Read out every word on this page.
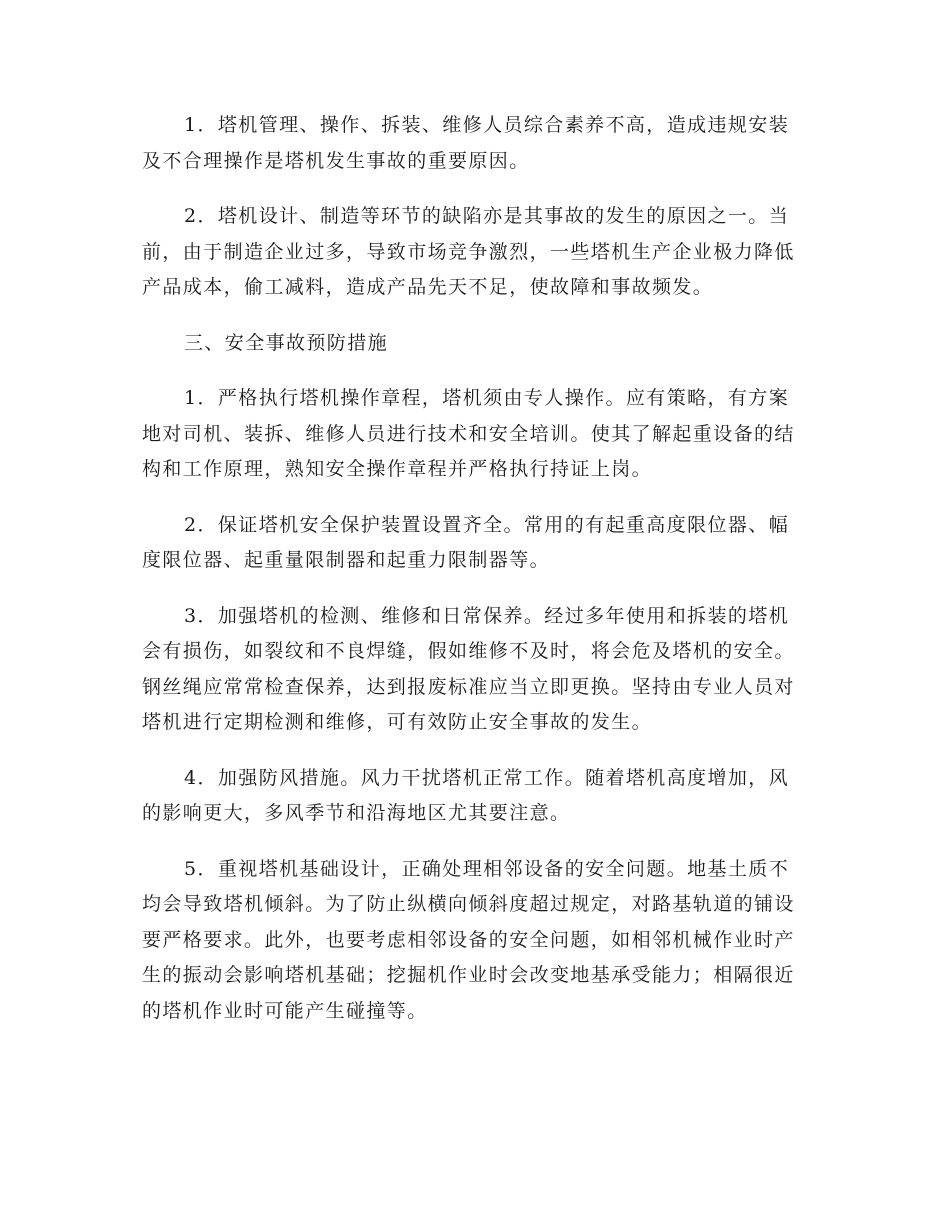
1．塔机管理、操作、拆装、维修人员综合素养不高，造成违规安装及不合理操作是塔机发生事故的重要原因。

2．塔机设计、制造等环节的缺陷亦是其事故的发生的原因之一。当前，由于制造企业过多，导致市场竞争激烈，一些塔机生产企业极力降低产品成本，偷工减料，造成产品先天不足，使故障和事故频发。

三、安全事故预防措施

1．严格执行塔机操作章程，塔机须由专人操作。应有策略，有方案地对司机、装拆、维修人员进行技术和安全培训。使其了解起重设备的结构和工作原理，熟知安全操作章程并严格执行持证上岗。

2．保证塔机安全保护装置设置齐全。常用的有起重高度限位器、幅度限位器、起重量限制器和起重力限制器等。

3．加强塔机的检测、维修和日常保养。经过多年使用和拆装的塔机会有损伤，如裂纹和不良焊缝，假如维修不及时，将会危及塔机的安全。钢丝绳应常常检查保养，达到报废标准应当立即更换。坚持由专业人员对塔机进行定期检测和维修，可有效防止安全事故的发生。

4．加强防风措施。风力干扰塔机正常工作。随着塔机高度增加，风的影响更大，多风季节和沿海地区尤其要注意。

5．重视塔机基础设计，正确处理相邻设备的安全问题。地基土质不均会导致塔机倾斜。为了防止纵横向倾斜度超过规定，对路基轨道的铺设要严格要求。此外，也要考虑相邻设备的安全问题，如相邻机械作业时产生的振动会影响塔机基础；挖掘机作业时会改变地基承受能力；相隔很近的塔机作业时可能产生碰撞等。
